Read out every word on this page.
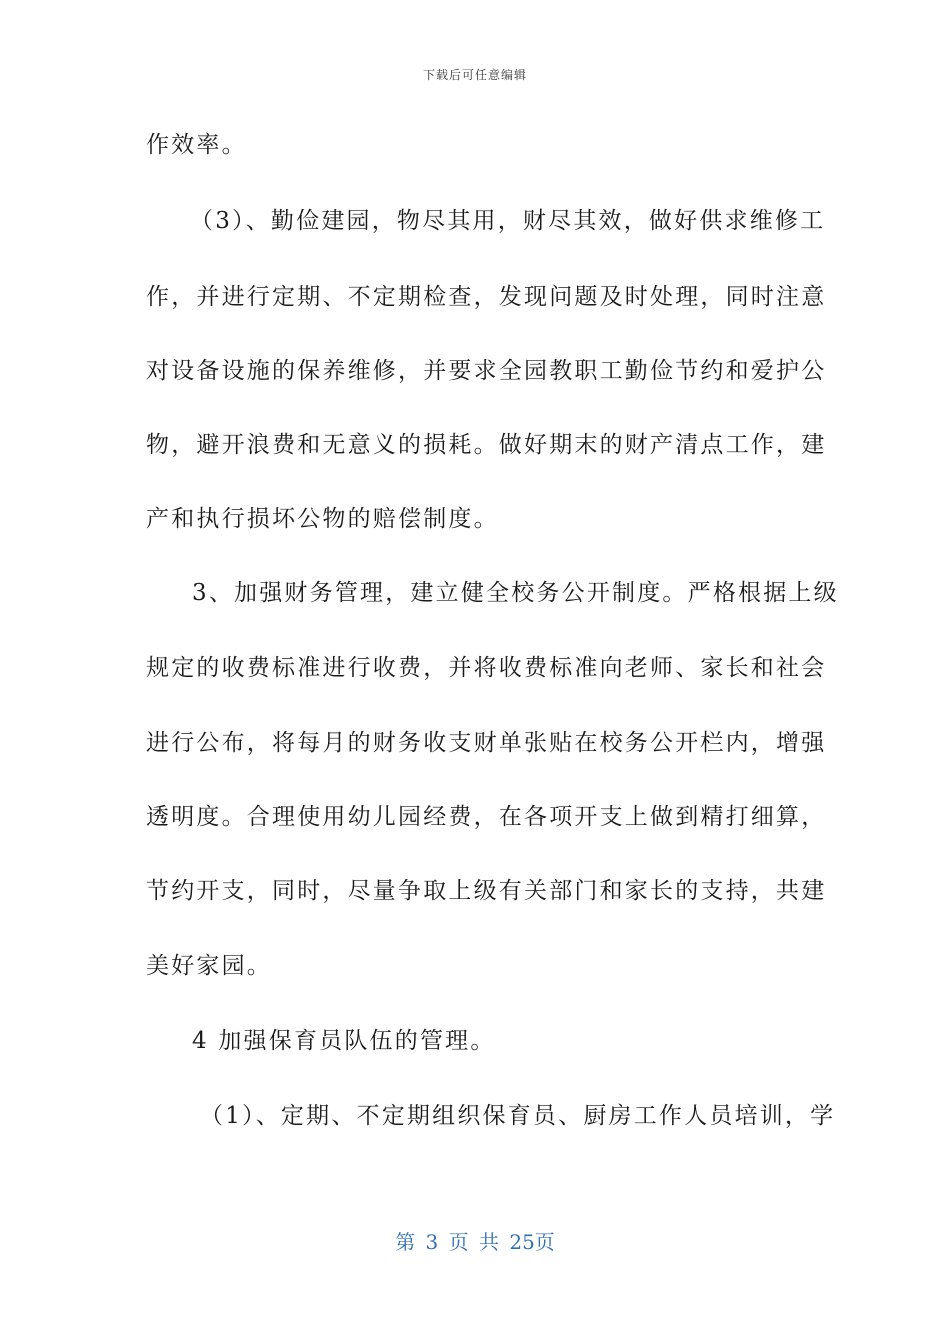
下载后可任意编辑
作效率。
（3）、勤俭建园，物尽其用，财尽其效，做好供求维修工
作，并进行定期、不定期检查，发现问题及时处理，同时注意
对设备设施的保养维修，并要求全园教职工勤俭节约和爱护公
物，避开浪费和无意义的损耗。做好期末的财产清点工作，建
产和执行损坏公物的赔偿制度。
3、加强财务管理，建立健全校务公开制度。严格根据上级
规定的收费标准进行收费，并将收费标准向老师、家长和社会
进行公布，将每月的财务收支财单张贴在校务公开栏内，增强
透明度。合理使用幼儿园经费，在各项开支上做到精打细算，
节约开支，同时，尽量争取上级有关部门和家长的支持，共建
美好家园。
4 加强保育员队伍的管理。
（1）、定期、不定期组织保育员、厨房工作人员培训，学
第 3 页 共 25页
